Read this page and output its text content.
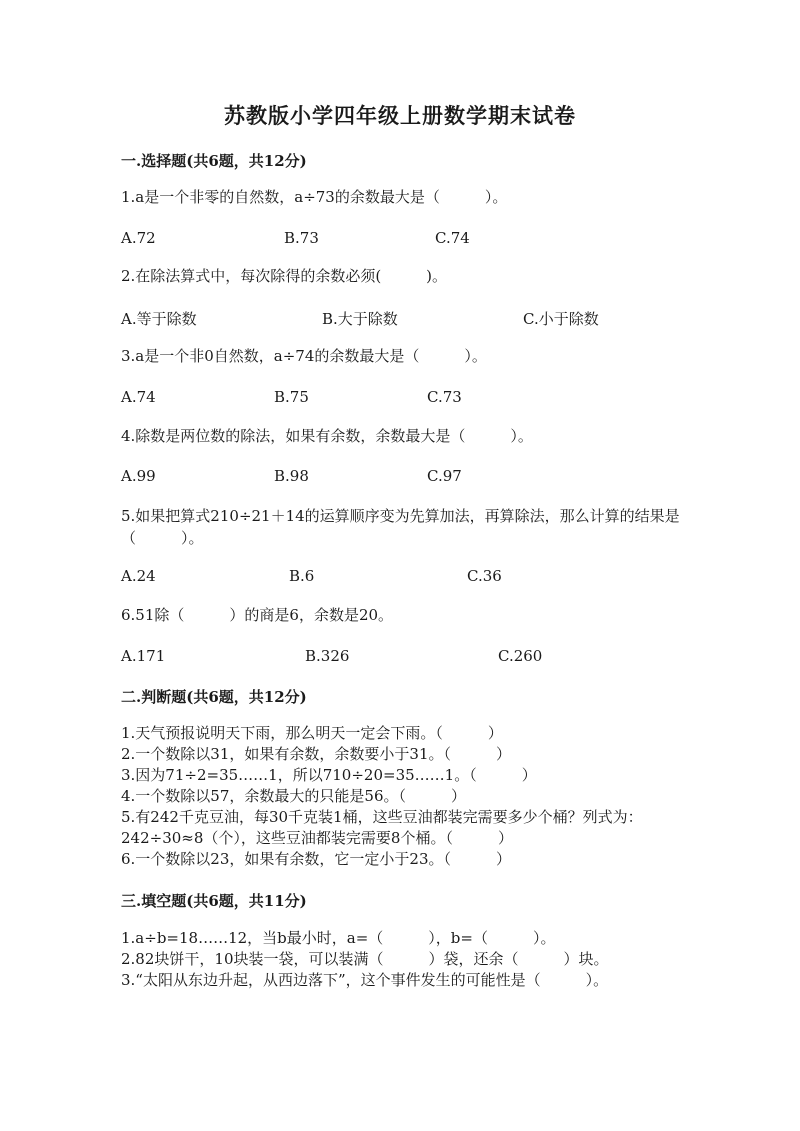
苏教版小学四年级上册数学期末试卷
一.选择题(共6题，共12分)
1.a是一个非零的自然数，a÷73的余数最大是（　　　）。
A.72	B.73	C.74
2.在除法算式中，每次除得的余数必须(　　　)。
A.等于除数	B.大于除数	C.小于除数
3.a是一个非0自然数，a÷74的余数最大是（　　　）。
A.74	B.75	C.73
4.除数是两位数的除法，如果有余数，余数最大是（　　　）。
A.99	B.98	C.97
5.如果把算式210÷21＋14的运算顺序变为先算加法，再算除法，那么计算的结果是（　　　）。
A.24	B.6	C.36
6.51除（　　　）的商是6，余数是20。
A.171	B.326	C.260
二.判断题(共6题，共12分)
1.天气预报说明天下雨，那么明天一定会下雨。（　　　）
2.一个数除以31，如果有余数，余数要小于31。（　　　）
3.因为71÷2=35……1，所以710÷20=35……1。（　　　）
4.一个数除以57，余数最大的只能是56。（　　　）
5.有242千克豆油，每30千克装1桶，这些豆油都装完需要多少个桶？列式为：242÷30≈8（个），这些豆油都装完需要8个桶。（　　　）
6.一个数除以23，如果有余数，它一定小于23。（　　　）
三.填空题(共6题，共11分)
1.a÷b=18……12，当b最小时，a=（　　　），b=（　　　）。
2.82块饼干，10块装一袋，可以装满（　　　）袋，还余（　　　）块。
3.“太阳从东边升起，从西边落下”，这个事件发生的可能性是（　　　）。
